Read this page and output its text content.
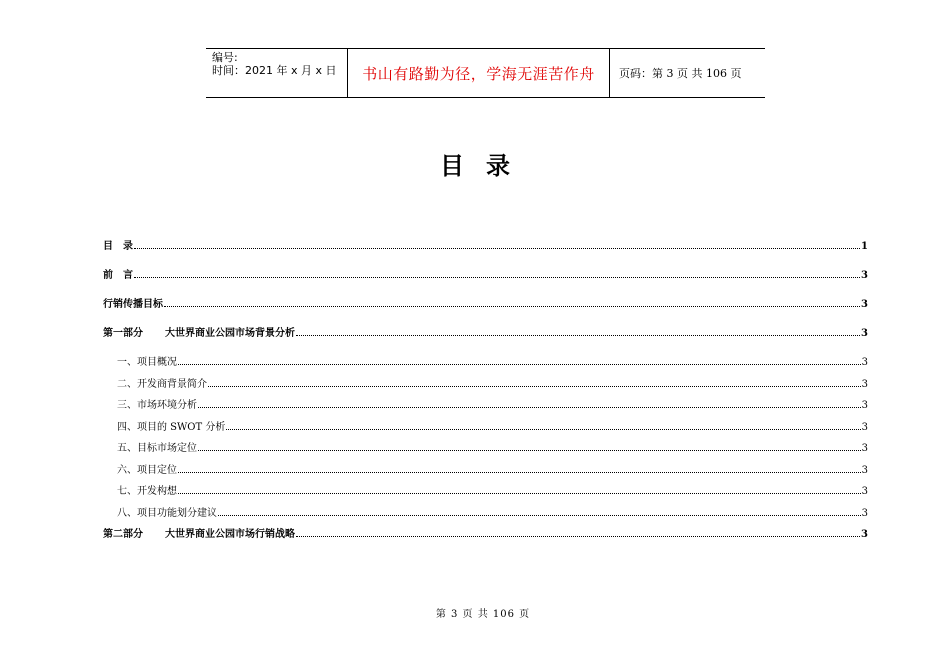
编号:
时间：2021 年 x 月 x 日	书山有路勤为径，学海无涯苦作舟	页码：第 3 页 共 106 页
目录
目　录	1
前　言	3
行销传播目标	3
第一部分 大世界商业公园市场背景分析	3
一、项目概况	3
二、开发商背景简介	3
三、市场环境分析	3
四、项目的 SWOT 分析	3
五、目标市场定位	3
六、项目定位	3
七、开发构想	3
八、项目功能划分建议	3
第二部分 大世界商业公园市场行销战略	3
第 3 页 共 106 页
